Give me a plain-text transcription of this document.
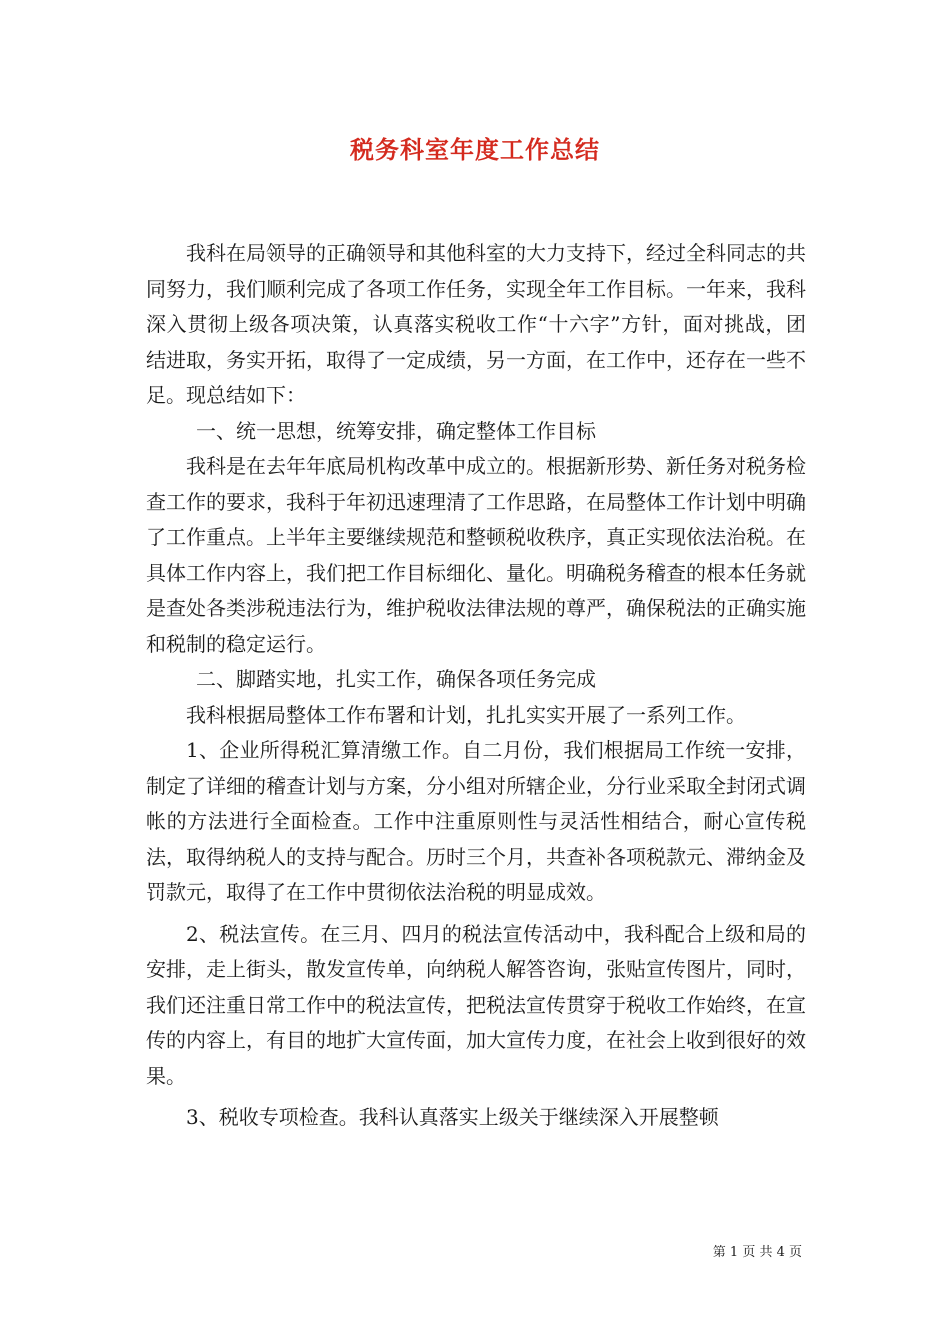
税务科室年度工作总结

我科在局领导的正确领导和其他科室的大力支持下，经过全科同志的共同努力，我们顺利完成了各项工作任务，实现全年工作目标。一年来，我科深入贯彻上级各项决策，认真落实税收工作“十六字”方针，面对挑战，团结进取，务实开拓，取得了一定成绩，另一方面，在工作中，还存在一些不足。现总结如下：

一、统一思想，统筹安排，确定整体工作目标

我科是在去年年底局机构改革中成立的。根据新形势、新任务对税务检查工作的要求，我科于年初迅速理清了工作思路，在局整体工作计划中明确了工作重点。上半年主要继续规范和整顿税收秩序，真正实现依法治税。在具体工作内容上，我们把工作目标细化、量化。明确税务稽查的根本任务就是查处各类涉税违法行为，维护税收法律法规的尊严，确保税法的正确实施和税制的稳定运行。

二、脚踏实地，扎实工作，确保各项任务完成

我科根据局整体工作布署和计划，扎扎实实开展了一系列工作。

1、企业所得税汇算清缴工作。自二月份，我们根据局工作统一安排，制定了详细的稽查计划与方案，分小组对所辖企业，分行业采取全封闭式调帐的方法进行全面检查。工作中注重原则性与灵活性相结合，耐心宣传税法，取得纳税人的支持与配合。历时三个月，共查补各项税款元、滞纳金及罚款元，取得了在工作中贯彻依法治税的明显成效。

2、税法宣传。在三月、四月的税法宣传活动中，我科配合上级和局的安排，走上街头，散发宣传单，向纳税人解答咨询，张贴宣传图片，同时，我们还注重日常工作中的税法宣传，把税法宣传贯穿于税收工作始终，在宣传的内容上，有目的地扩大宣传面，加大宣传力度，在社会上收到很好的效果。

3、税收专项检查。我科认真落实上级关于继续深入开展整顿

第 1 页 共 4 页
